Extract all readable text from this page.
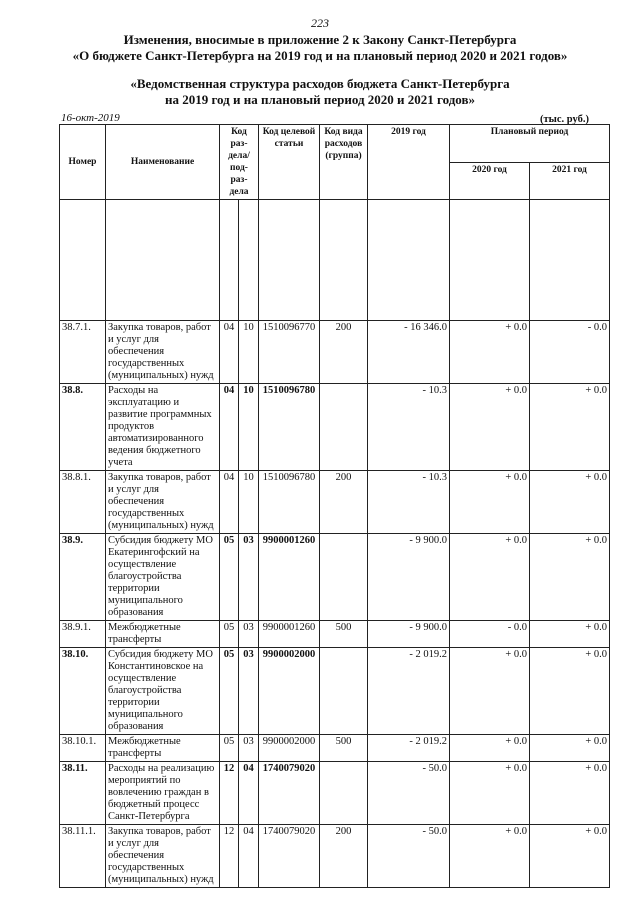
223
Изменения, вносимые в приложение 2 к Закону Санкт-Петербурга
«О бюджете Санкт-Петербурга на 2019 год и на плановый период 2020 и 2021 годов»
«Ведомственная структура расходов бюджета Санкт-Петербурга
на 2019 год и на плановый период 2020 и 2021 годов»
16-окт-2019	(тыс. руб.)
Номер	Наименование	Код раз-дела/ под-раз-дела		Код целевой статьи	Код вида расходов (группа)	2019 год	Плановый период	
							2020 год	2021 год

38.7.1.	Закупка товаров, работ и услуг для обеспечения государственных (муниципальных) нужд	04	10	1510096770	200	- 16 346.0	+ 0.0	- 0.0
38.8.	Расходы на эксплуатацию и развитие программных продуктов автоматизированного ведения бюджетного учета	04	10	1510096780		- 10.3	+ 0.0	+ 0.0
38.8.1.	Закупка товаров, работ и услуг для обеспечения государственных (муниципальных) нужд	04	10	1510096780	200	- 10.3	+ 0.0	+ 0.0
38.9.	Субсидия бюджету МО Екатерингофский на осуществление благоустройства территории муниципального образования	05	03	9900001260		- 9 900.0	+ 0.0	+ 0.0
38.9.1.	Межбюджетные трансферты	05	03	9900001260	500	- 9 900.0	- 0.0	+ 0.0
38.10.	Субсидия бюджету МО Константиновское на осуществление благоустройства территории муниципального образования	05	03	9900002000		- 2 019.2	+ 0.0	+ 0.0
38.10.1.	Межбюджетные трансферты	05	03	9900002000	500	- 2 019.2	+ 0.0	+ 0.0
38.11.	Расходы на реализацию мероприятий по вовлечению граждан в бюджетный процесс Санкт-Петербурга	12	04	1740079020		- 50.0	+ 0.0	+ 0.0
38.11.1.	Закупка товаров, работ и услуг для обеспечения государственных (муниципальных) нужд	12	04	1740079020	200	- 50.0	+ 0.0	+ 0.0
